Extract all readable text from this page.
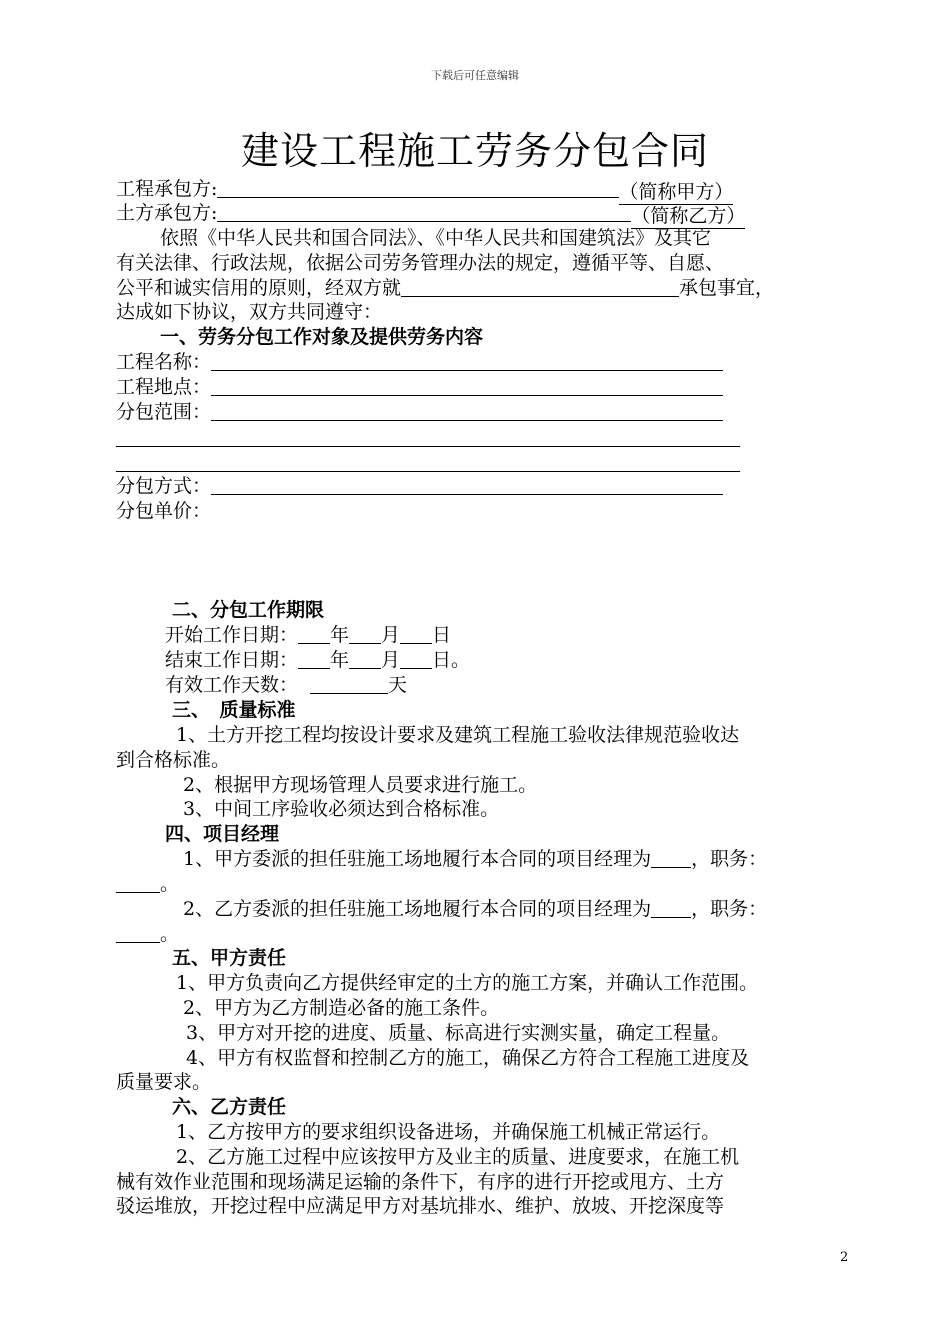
下载后可任意编辑
建设工程施工劳务分包合同
工程承包方:	（简称甲方）
土方承包方:	（简称乙方）
依照《中华人民共和国合同法》、《中华人民共和国建筑法》及其它
有关法律、行政法规，依据公司劳务管理办法的规定，遵循平等、自愿、
公平和诚实信用的原则，经双方就	承包事宜，
达成如下协议，双方共同遵守：
一、劳务分包工作对象及提供劳务内容
工程名称：
工程地点：
分包范围：
分包方式：
分包单价：
二、分包工作期限
开始工作日期： 年 月 日
结束工作日期： 年 月 日。
有效工作天数：	天
三、　质量标准
1、土方开挖工程均按设计要求及建筑工程施工验收法律规范验收达
到合格标准。
2、根据甲方现场管理人员要求进行施工。
3、中间工序验收必须达到合格标准。
四、项目经理
1、甲方委派的担任驻施工场地履行本合同的项目经理为 ，职务：
。
2、乙方委派的担任驻施工场地履行本合同的项目经理为 ，职务：
。
五、甲方责任
1、甲方负责向乙方提供经审定的土方的施工方案，并确认工作范围。
2、甲方为乙方制造必备的施工条件。
3、甲方对开挖的进度、质量、标高进行实测实量，确定工程量。
4、甲方有权监督和控制乙方的施工，确保乙方符合工程施工进度及
质量要求。
六、乙方责任
1、乙方按甲方的要求组织设备进场，并确保施工机械正常运行。
2、乙方施工过程中应该按甲方及业主的质量、进度要求，在施工机
械有效作业范围和现场满足运输的条件下，有序的进行开挖或甩方、土方
驳运堆放，开挖过程中应满足甲方对基坑排水、维护、放坡、开挖深度等
2
